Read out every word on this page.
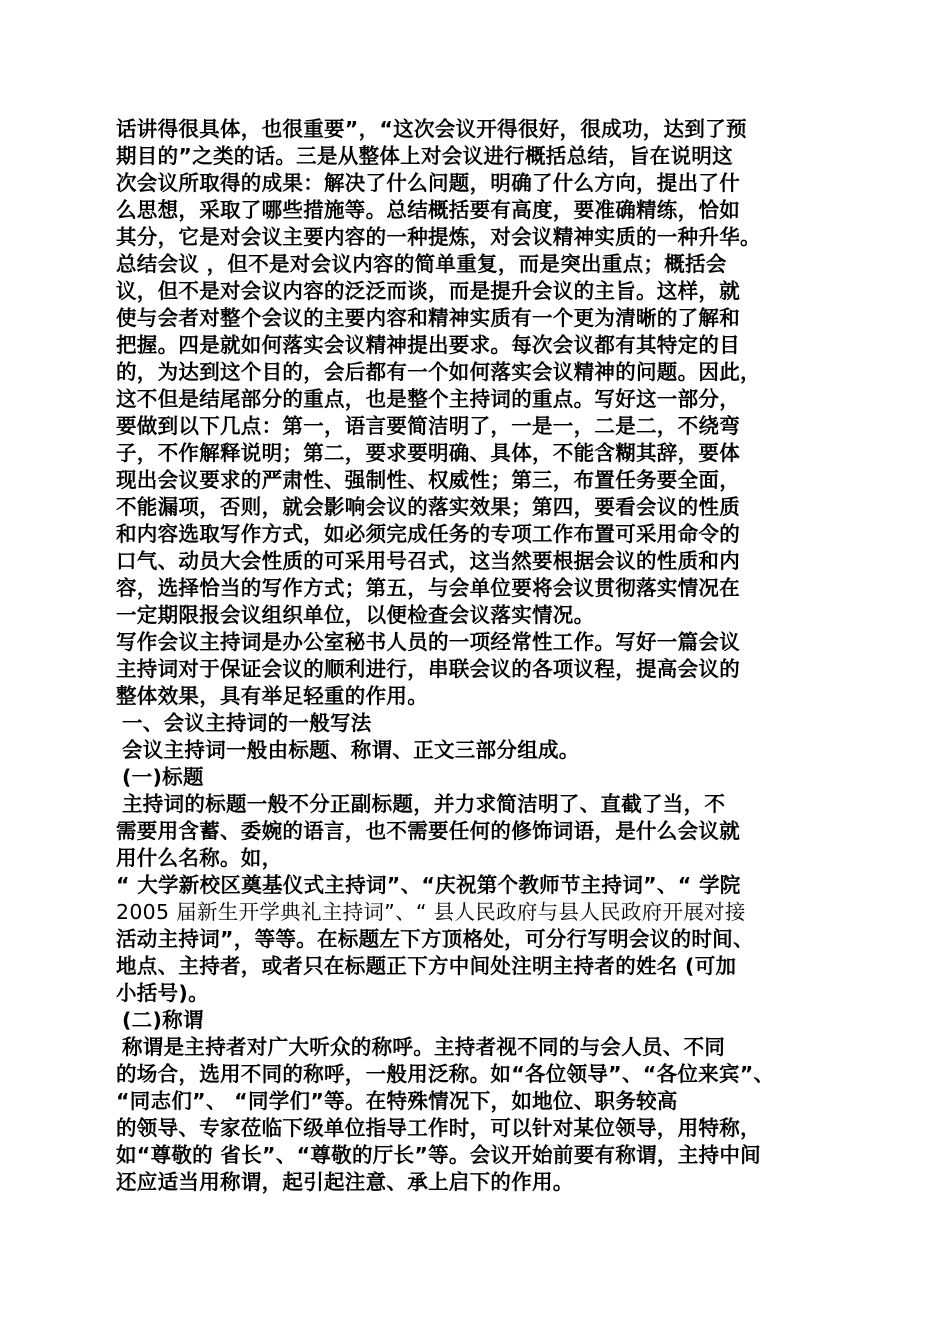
话讲得很具体，也很重要”，“这次会议开得很好，很成功，达到了预
期目的”之类的话。三是从整体上对会议进行概括总结，旨在说明这
次会议所取得的成果：解决了什么问题，明确了什么方向，提出了什
么思想，采取了哪些措施等。总结概括要有高度，要准确精练，恰如
其分，它是对会议主要内容的一种提炼，对会议精神实质的一种升华。
总结会议 ，但不是对会议内容的简单重复，而是突出重点；概括会
议，但不是对会议内容的泛泛而谈，而是提升会议的主旨。这样，就
使与会者对整个会议的主要内容和精神实质有一个更为清晰的了解和
把握。四是就如何落实会议精神提出要求。每次会议都有其特定的目
的，为达到这个目的，会后都有一个如何落实会议精神的问题。因此，
这不但是结尾部分的重点，也是整个主持词的重点。写好这一部分，
要做到以下几点：第一，语言要简洁明了，一是一，二是二，不绕弯
子，不作解释说明；第二，要求要明确、具体，不能含糊其辞，要体
现出会议要求的严肃性、强制性、权威性；第三，布置任务要全面，
不能漏项，否则，就会影响会议的落实效果；第四，要看会议的性质
和内容选取写作方式，如必须完成任务的专项工作布置可采用命令的
口气、动员大会性质的可采用号召式，这当然要根据会议的性质和内
容，选择恰当的写作方式；第五，与会单位要将会议贯彻落实情况在
一定期限报会议组织单位，以便检查会议落实情况。
写作会议主持词是办公室秘书人员的一项经常性工作。写好一篇会议
主持词对于保证会议的顺利进行，串联会议的各项议程，提高会议的
整体效果，具有举足轻重的作用。
一、会议主持词的一般写法
会议主持词一般由标题、称谓、正文三部分组成。
(一)标题
主持词的标题一般不分正副标题，并力求简洁明了、直截了当，不
需要用含蓄、委婉的语言，也不需要任何的修饰词语，是什么会议就
用什么名称。如，
“ 大学新校区奠基仪式主持词”、“庆祝第个教师节主持词”、“ 学院
2005 届新生开学典礼主持词”、“ 县人民政府与县人民政府开展对接
活动主持词”，等等。在标题左下方顶格处，可分行写明会议的时间、
地点、主持者，或者只在标题正下方中间处注明主持者的姓名 (可加
小括号)。
(二)称谓
称谓是主持者对广大听众的称呼。主持者视不同的与会人员、不同
的场合，选用不同的称呼，一般用泛称。如“各位领导”、“各位来宾”、
“同志们”、 “同学们”等。在特殊情况下，如地位、职务较高
的领导、专家莅临下级单位指导工作时，可以针对某位领导，用特称，
如“尊敬的 省长”、“尊敬的厅长”等。会议开始前要有称谓，主持中间
还应适当用称谓，起引起注意、承上启下的作用。
